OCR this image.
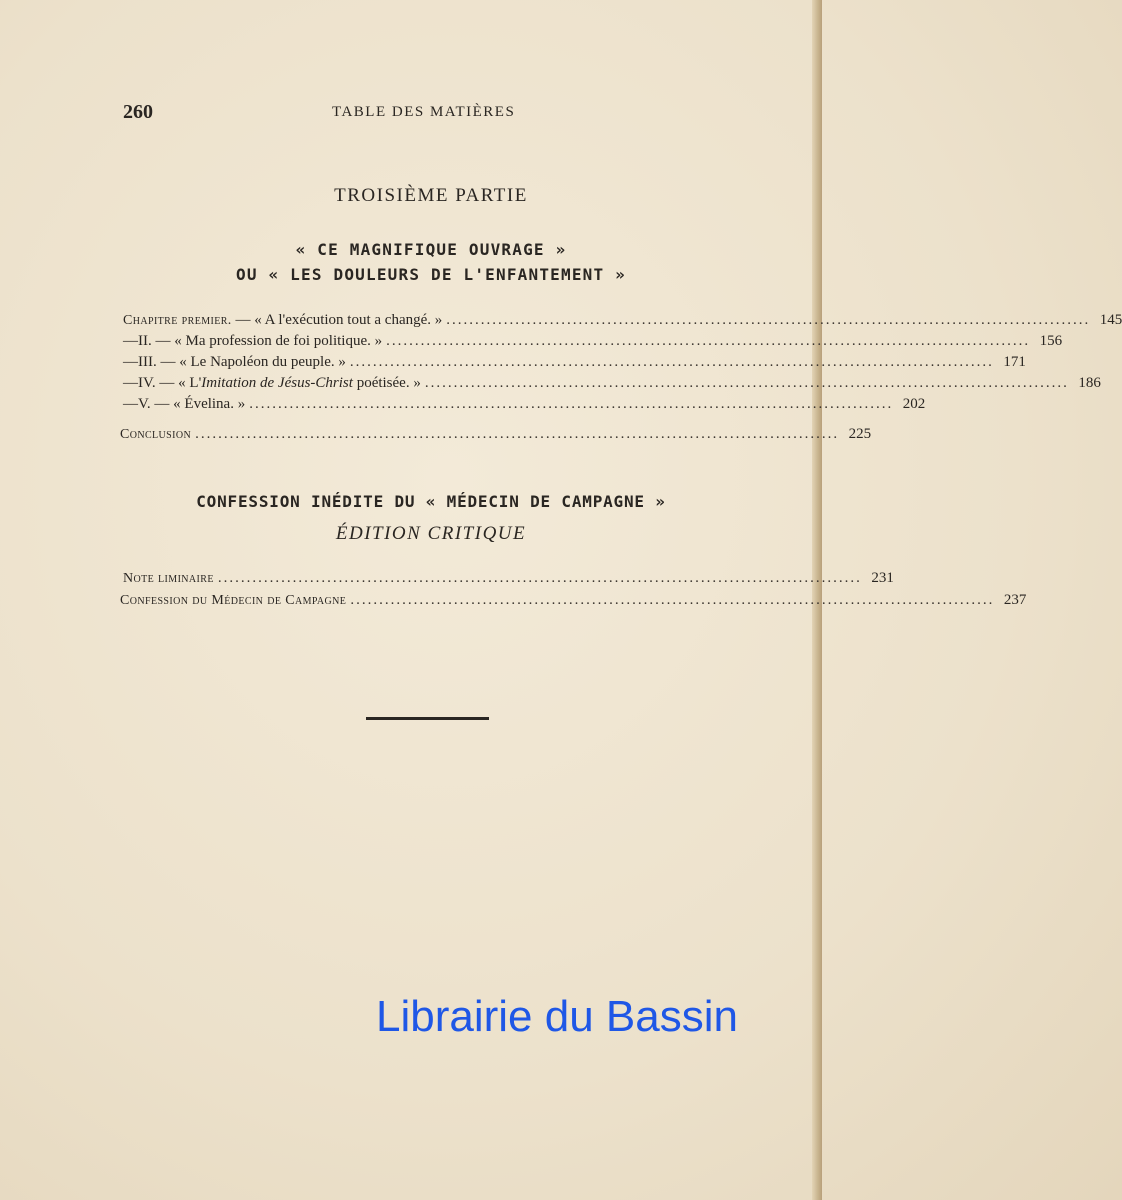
260	TABLE DES MATIÈRES
TROISIÈME PARTIE
« CE MAGNIFIQUE OUVRAGE »
OU « LES DOULEURS DE L'ENFANTEMENT »
Chapitre premier.
—
« A l'exécution tout a changé. » ................................................................................................................ 145
— II.
—
« Ma profession de foi politique. » ................................................................................................................ 156
— III.
—
« Le Napoléon du peuple. » ................................................................................................................ 171
— IV.
—
« L'Imitation de Jésus-Christ poétisée. » ................................................................................................................ 186
— V.
—
« Évelina. » ................................................................................................................ 202
Conclusion ................................................................................................................ 225
CONFESSION INÉDITE DU « MÉDECIN DE CAMPAGNE »
ÉDITION CRITIQUE
Note liminaire ................................................................................................................ 231
Confession du Médecin de Campagne ................................................................................................................ 237
Librairie du Bassin
